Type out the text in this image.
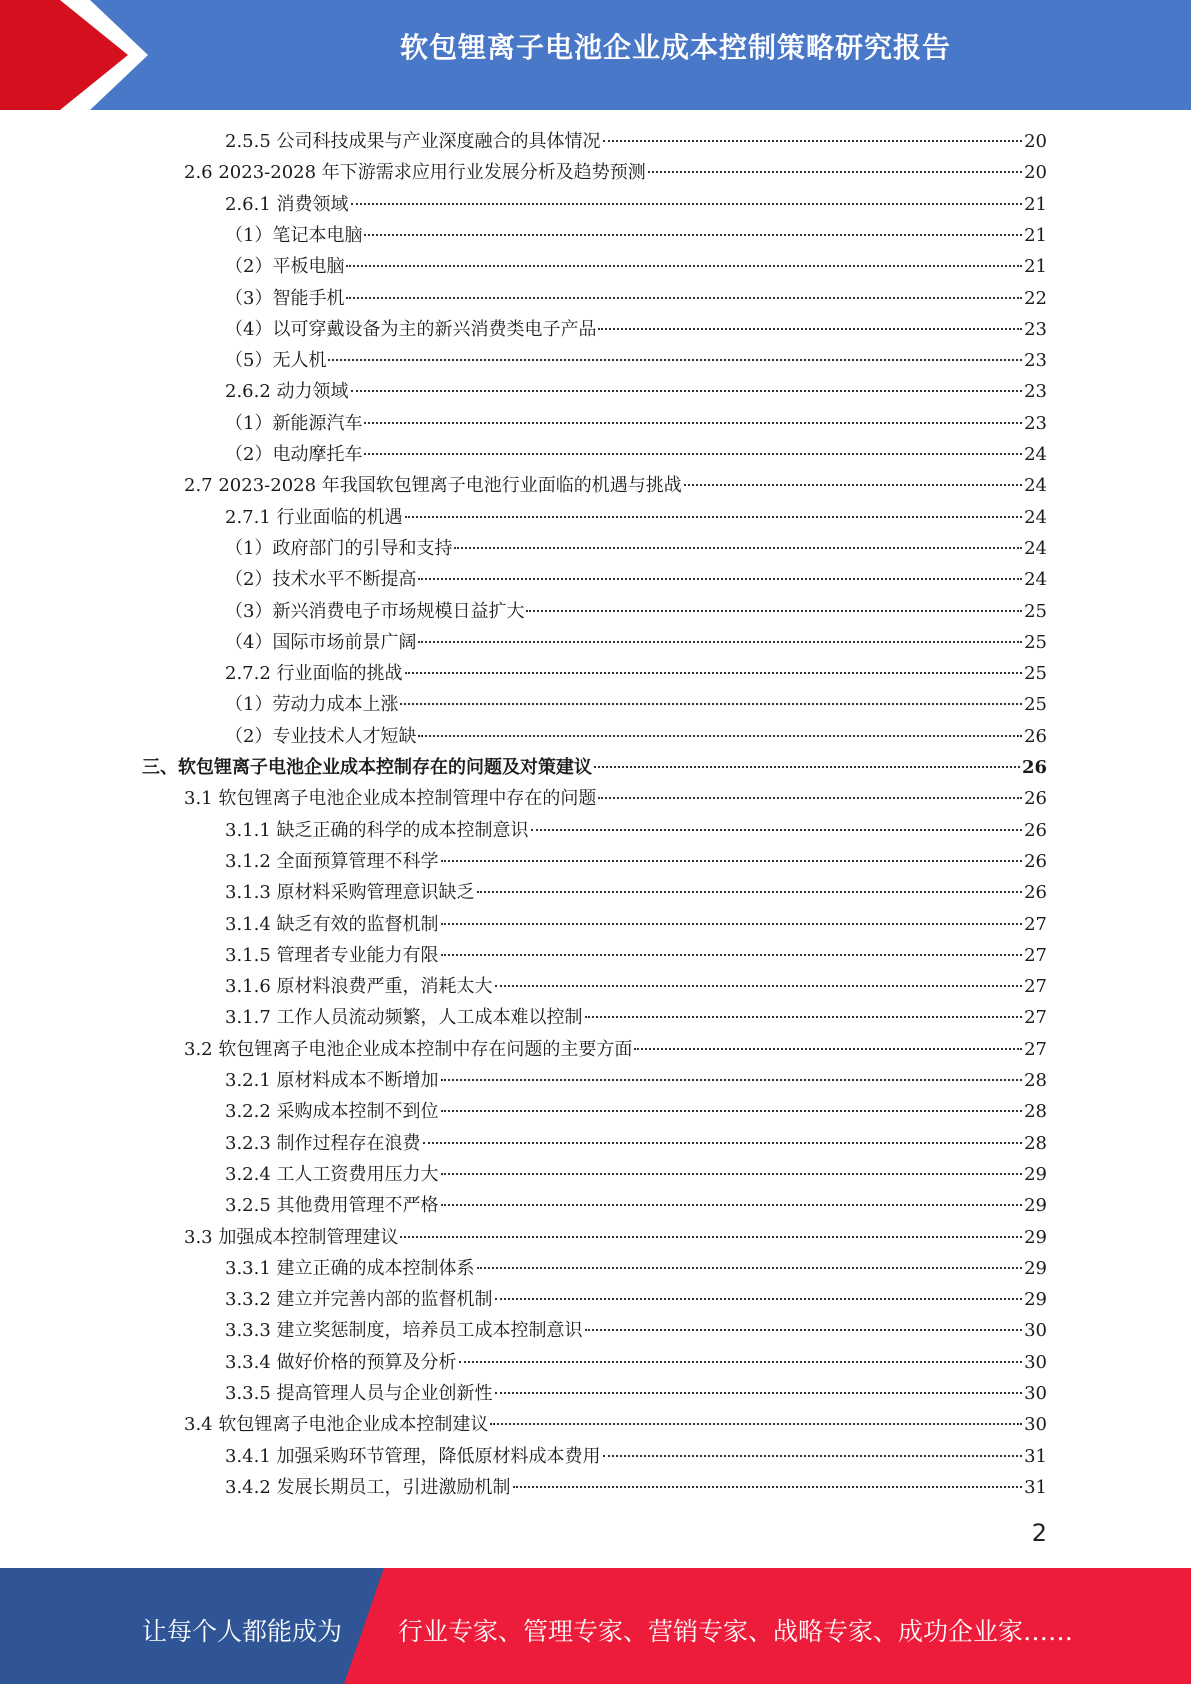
软包锂离子电池企业成本控制策略研究报告
2.5.5 公司科技成果与产业深度融合的具体情况	20
2.6 2023-2028 年下游需求应用行业发展分析及趋势预测	20
2.6.1 消费领域	21
（1）笔记本电脑	21
（2）平板电脑	21
（3）智能手机	22
（4）以可穿戴设备为主的新兴消费类电子产品	23
（5）无人机	23
2.6.2 动力领域	23
（1）新能源汽车	23
（2）电动摩托车	24
2.7 2023-2028 年我国软包锂离子电池行业面临的机遇与挑战	24
2.7.1 行业面临的机遇	24
（1）政府部门的引导和支持	24
（2）技术水平不断提高	24
（3）新兴消费电子市场规模日益扩大	25
（4）国际市场前景广阔	25
2.7.2 行业面临的挑战	25
（1）劳动力成本上涨	25
（2）专业技术人才短缺	26
三、软包锂离子电池企业成本控制存在的问题及对策建议	26
3.1 软包锂离子电池企业成本控制管理中存在的问题	26
3.1.1 缺乏正确的科学的成本控制意识	26
3.1.2 全面预算管理不科学	26
3.1.3 原材料采购管理意识缺乏	26
3.1.4 缺乏有效的监督机制	27
3.1.5 管理者专业能力有限	27
3.1.6 原材料浪费严重，消耗太大	27
3.1.7 工作人员流动频繁，人工成本难以控制	27
3.2 软包锂离子电池企业成本控制中存在问题的主要方面	27
3.2.1 原材料成本不断增加	28
3.2.2 采购成本控制不到位	28
3.2.3 制作过程存在浪费	28
3.2.4 工人工资费用压力大	29
3.2.5 其他费用管理不严格	29
3.3 加强成本控制管理建议	29
3.3.1 建立正确的成本控制体系	29
3.3.2 建立并完善内部的监督机制	29
3.3.3 建立奖惩制度，培养员工成本控制意识	30
3.3.4 做好价格的预算及分析	30
3.3.5 提高管理人员与企业创新性	30
3.4 软包锂离子电池企业成本控制建议	30
3.4.1 加强采购环节管理，降低原材料成本费用	31
3.4.2 发展长期员工，引进激励机制	31
2
让每个人都能成为 行业专家、管理专家、营销专家、战略专家、成功企业家……
